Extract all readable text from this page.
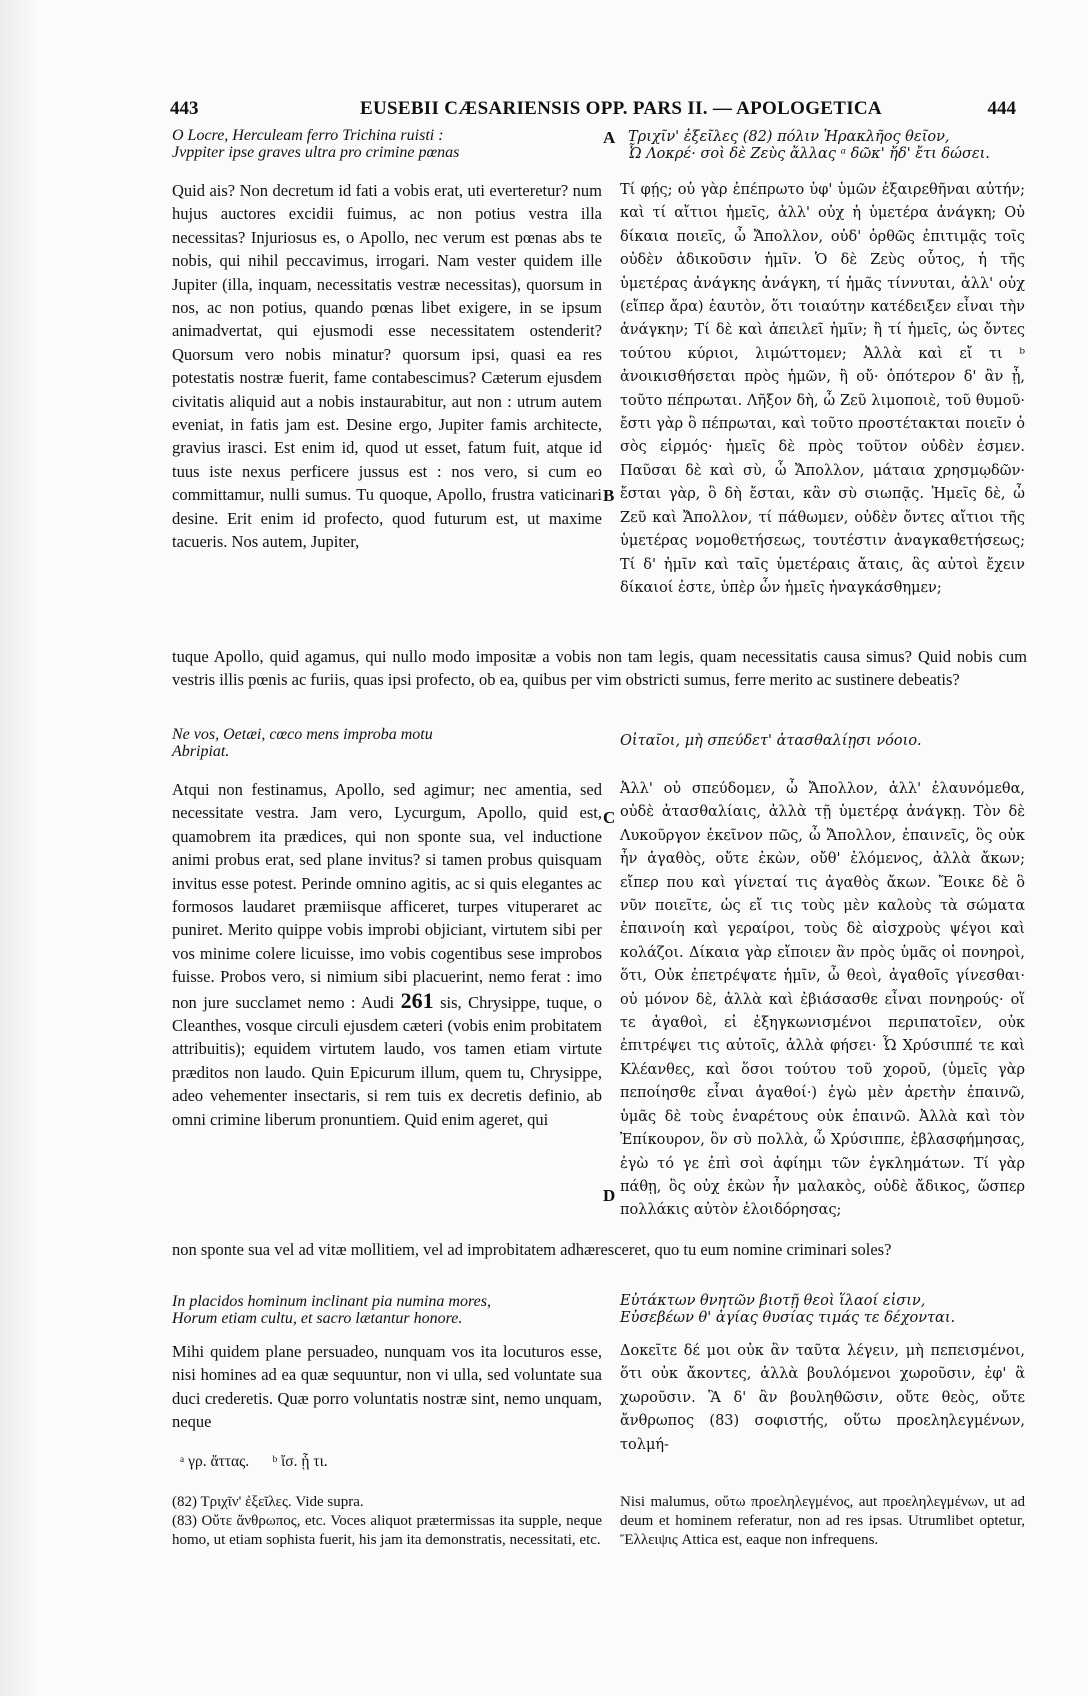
443	EUSEBII CÆSARIENSIS OPP. PARS II. — APOLOGETICA	444
O Locre, Herculeam ferro Trichina ruisti :
Jvppiter ipse graves ultra pro crimine pœnas
A Τριχῖν' ἐξεῖλες (82) πόλιν Ἡρακλῆος θεῖον,
Ὦ Λοκρέ· σοὶ δὲ Ζεὺς ἄλλας ᵃ δῶκ' ἤδ' ἔτι δώσει.
Quid ais? Non decretum id fati a vobis erat, uti everteretur? num hujus auctores excidii fuimus, ac non potius vestra illa necessitas? Injuriosus es, o Apollo, nec verum est pœnas abs te nobis, qui nihil peccavimus, irrogari. Nam vester quidem ille Jupiter (illa, inquam, necessitatis vestræ necessitas), quorsum in nos, ac non potius, quando pœnas libet exigere, in se ipsum animadvertat, qui ejusmodi esse necessitatem ostenderit? Quorsum vero nobis minatur? quorsum ipsi, quasi ea res potestatis nostræ fuerit, fame contabescimus? Cæterum ejusdem civitatis aliquid aut a nobis instaurabitur, aut non : utrum autem eveniat, in fatis jam est. Desine ergo, Jupiter famis architecte, gravius irasci. Est enim id, quod ut esset, fatum fuit, atque id tuus iste nexus perficere jussus est : nos vero, si cum eo committamur, nulli sumus. Tu quoque, Apollo, frustra vaticinari desine. Erit enim id profecto, quod futurum est, ut maxime tacueris. Nos autem, Jupiter,
Τί φῄς; οὐ γὰρ ἐπέπρωτο ὑφ' ὑμῶν ἐξαιρεθῆναι αὐτήν; καὶ τί αἴτιοι ἡμεῖς, ἀλλ' οὐχ ἡ ὑμετέρα ἀνάγκη; Οὐ δίκαια ποιεῖς, ὦ Ἄπολλον, οὐδ' ὀρθῶς ἐπιτιμᾷς τοῖς οὐδὲν ἀδικοῦσιν ἡμῖν. Ὁ δὲ Ζεὺς οὗτος, ἡ τῆς ὑμετέρας ἀνάγκης ἀνάγκη, τί ἡμᾶς τίννυται, ἀλλ' οὐχ (εἴπερ ἄρα) ἑαυτὸν, ὅτι τοιαύτην κατέδειξεν εἶναι τὴν ἀνάγκην; Τί δὲ καὶ ἀπειλεῖ ἡμῖν; ἢ τί ἡμεῖς, ὡς ὄντες τούτου κύριοι, λιμώττομεν; Ἀλλὰ καὶ εἴ τι ᵇ ἀνοικισθήσεται πρὸς ἡμῶν, ἢ οὔ· ὁπότερον δ' ἂν ᾖ, τοῦτο πέπρωται. Λῆξον δὴ, ὦ Ζεῦ λιμοποιὲ, τοῦ θυμοῦ· ἔστι γὰρ ὃ πέπρωται, καὶ τοῦτο προστέτακται ποιεῖν ὁ σὸς εἱρμός· ἡμεῖς δὲ πρὸς τοῦτον οὐδὲν ἐσμεν. Παῦσαι δὲ καὶ σὺ, ὦ Ἄπολλον, μάταια χρησμῳδῶν· ἔσται γὰρ, ὃ δὴ ἔσται, κἂν σὺ σιωπᾷς. Ἡμεῖς δὲ, ὦ Ζεῦ καὶ Ἄπολλον, τί πάθωμεν, οὐδὲν ὄντες αἴτιοι τῆς ὑμετέρας νομοθετήσεως, τουτέστιν ἀναγκαθετήσεως; Τί δ' ἡμῖν καὶ ταῖς ὑμετέραις ἄταις, ἃς αὐτοὶ ἔχειν δίκαιοί ἐστε, ὑπὲρ ὧν ἡμεῖς ἠναγκάσθημεν;
B
tuque Apollo, quid agamus, qui nullo modo impositæ a vobis non tam legis, quam necessitatis causa simus? Quid nobis cum vestris illis pœnis ac furiis, quas ipsi profecto, ob ea, quibus per vim obstricti sumus, ferre merito ac sustinere debeatis?
Ne vos, Oetæi, cœco mens improba motu
Abripiat.
Οἰταῖοι, μὴ σπεύδετ' ἀτασθαλίῃσι νόοιο.
Atqui non festinamus, Apollo, sed agimur; nec amentia, sed necessitate vestra. Jam vero, Lycurgum, Apollo, quid est, quamobrem ita prædices, qui non sponte sua, vel inductione animi probus erat, sed plane invitus? si tamen probus quisquam invitus esse potest. Perinde omnino agitis, ac si quis elegantes ac formosos laudaret præmiisque afficeret, turpes vituperaret ac puniret. Merito quippe vobis improbi objiciant, virtutem sibi per vos minime colere licuisse, imo vobis cogentibus sese improbos fuisse. Probos vero, si nimium sibi placuerint, nemo ferat : imo non jure succlamet nemo : Audi 261 sis, Chrysippe, tuque, o Cleanthes, vosque circuli ejusdem cæteri (vobis enim probitatem attribuitis); equidem virtutem laudo, vos tamen etiam virtute præditos non laudo. Quin Epicurum illum, quem tu, Chrysippe, adeo vehementer insectaris, si rem tuis ex decretis definio, ab omni crimine liberum pronuntiem. Quid enim ageret, qui
C
Ἀλλ' οὐ σπεύδομεν, ὦ Ἄπολλον, ἀλλ' ἐλαυνόμεθα, οὐδὲ ἀτασθαλίαις, ἀλλὰ τῇ ὑμετέρᾳ ἀνάγκῃ. Τὸν δὲ Λυκοῦργον ἐκεῖνον πῶς, ὦ Ἄπολλον, ἐπαινεῖς, ὃς οὐκ ἦν ἀγαθὸς, οὔτε ἑκὼν, οὔθ' ἑλόμενος, ἀλλὰ ἄκων; εἴπερ που καὶ γίνεταί τις ἀγαθὸς ἄκων. Ἔοικε δὲ ὃ νῦν ποιεῖτε, ὡς εἴ τις τοὺς μὲν καλοὺς τὰ σώματα ἐπαινοίη καὶ γεραίροι, τοὺς δὲ αἰσχροὺς ψέγοι καὶ κολάζοι. Δίκαια γὰρ εἴποιεν ἂν πρὸς ὑμᾶς οἱ πονηροὶ, ὅτι, Οὐκ ἐπετρέψατε ἡμῖν, ὦ θεοὶ, ἀγαθοῖς γίνεσθαι· οὐ μόνον δὲ, ἀλλὰ καὶ ἐβιάσασθε εἶναι πονηρούς· οἵ τε ἀγαθοὶ, εἰ ἐξηγκωνισμένοι περιπατοῖεν, οὐκ ἐπιτρέψει τις αὐτοῖς, ἀλλὰ φήσει· Ὦ Χρύσιππέ τε καὶ Κλέανθες, καὶ ὅσοι τούτου τοῦ χοροῦ, (ὑμεῖς γὰρ πεποίησθε εἶναι ἀγαθοί·) ἐγὼ μὲν ἀρετὴν ἐπαινῶ, ὑμᾶς δὲ τοὺς ἐναρέτους οὐκ ἐπαινῶ. Ἀλλὰ καὶ τὸν Ἐπίκουρον, ὃν σὺ πολλὰ, ὦ Χρύσιππε, ἐβλασφήμησας, ἐγὼ τό γε ἐπὶ σοὶ ἀφίημι τῶν ἐγκλημάτων. Τί γὰρ πάθῃ, ὃς οὐχ ἑκὼν ἦν μαλακὸς, οὐδὲ ἄδικος, ὥσπερ πολλάκις αὐτὸν ἐλοιδόρησας;
D
non sponte sua vel ad vitæ mollitiem, vel ad improbitatem adhæresceret, quo tu eum nomine criminari soles?
In placidos hominum inclinant pia numina mores,
Horum etiam cultu, et sacro lætantur honore.
Εὐτάκτων θνητῶν βιοτῇ θεοὶ ἵλαοί εἰσιν,
Εὐσεβέων θ' ἁγίας θυσίας τιμάς τε δέχονται.
Mihi quidem plane persuadeo, nunquam vos ita locuturos esse, nisi homines ad ea quæ sequuntur, non vi ulla, sed voluntate sua duci crederetis. Quæ porro voluntatis nostræ sint, nemo unquam, neque
Δοκεῖτε δέ μοι οὐκ ἂν ταῦτα λέγειν, μὴ πεπεισμένοι, ὅτι οὐκ ἄκοντες, ἀλλὰ βουλόμενοι χωροῦσιν, ἐφ' ἃ χωροῦσιν. Ἃ δ' ἂν βουληθῶσιν, οὔτε θεὸς, οὔτε ἄνθρωπος (83) σοφιστής, οὕτω προεληλεγμένων, τολμή-
ᵃ γρ. ἄττας. ᵇ ἴσ. ᾗ τι.
(82) Τριχῖν' ἐξεῖλες. Vide supra.
(83) Οὔτε ἄνθρωπος, etc. Voces aliquot prætermissas ita supple, neque homo, ut etiam sophista fuerit, his jam ita demonstratis, necessitati, etc.
Nisi malumus, οὕτω προεληλεγμένος, aut προεληλεγμένων, ut ad deum et hominem referatur, non ad res ipsas. Utrumlibet optetur, Ἔλλειψις Attica est, eaque non infrequens.
